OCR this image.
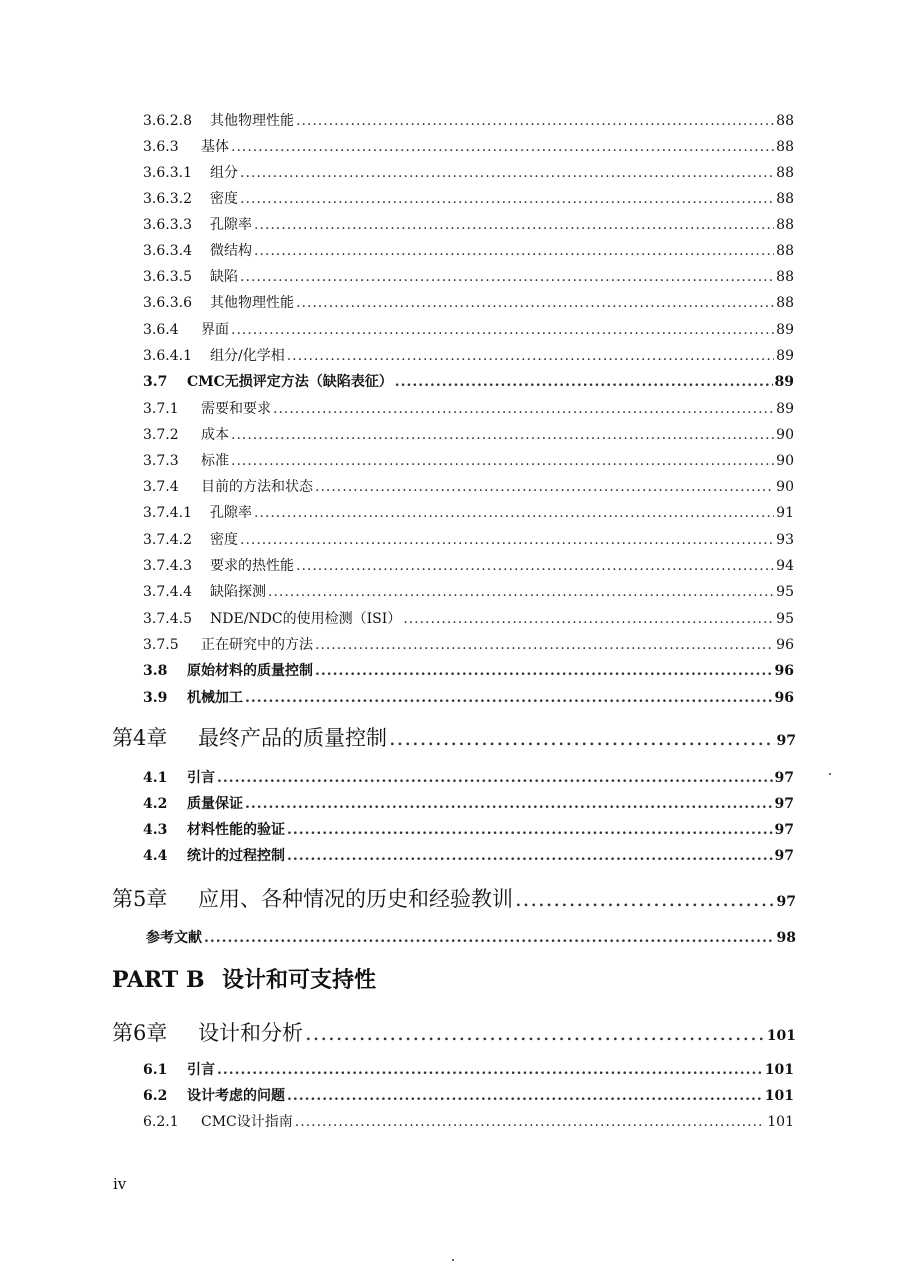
3.6.2.8	其他物理性能 .....	88
3.6.3	基体 .....	88
3.6.3.1	组分 .....	88
3.6.3.2	密度 .....	88
3.6.3.3	孔隙率 .....	88
3.6.3.4	微结构 .....	88
3.6.3.5	缺陷 .....	88
3.6.3.6	其他物理性能 .....	88
3.6.4	界面 .....	89
3.6.4.1	组分/化学相 .....	89
3.7	CMC无损评定方法（缺陷表征） .....	89
3.7.1	需要和要求 .....	89
3.7.2	成本 .....	90
3.7.3	标准 .....	90
3.7.4	目前的方法和状态 .....	90
3.7.4.1	孔隙率 .....	91
3.7.4.2	密度 .....	93
3.7.4.3	要求的热性能 .....	94
3.7.4.4	缺陷探测 .....	95
3.7.4.5	NDE/NDC的使用检测（ISI） .....	95
3.7.5	正在研究中的方法 .....	96
3.8	原始材料的质量控制 .....	96
3.9	机械加工 .....	96
第4章	最终产品的质量控制 .....	97
4.1	引言 .....	97
4.2	质量保证 .....	97
4.3	材料性能的验证 .....	97
4.4	统计的过程控制 .....	97
第5章	应用、各种情况的历史和经验教训 .....	97
参考文献 .....	98
第6章	设计和分析 .....	101
6.1	引言 .....	101
6.2	设计考虑的问题 .....	101
6.2.1	CMC设计指南 .....	101
PART B 设计和可支持性
iv
